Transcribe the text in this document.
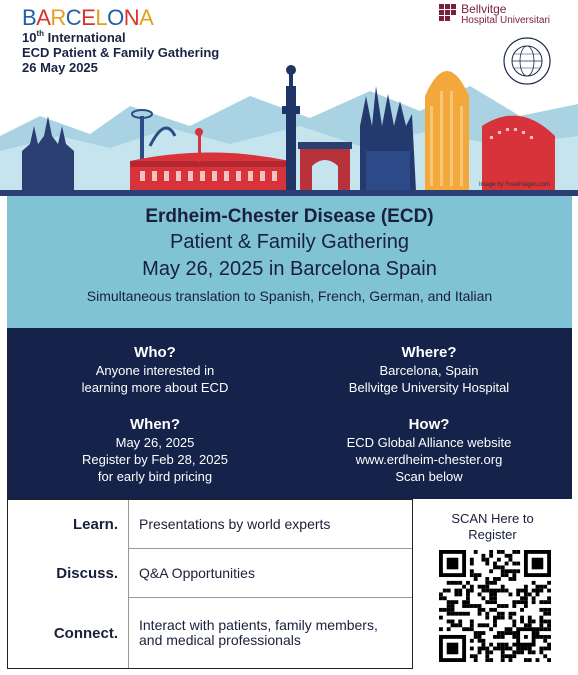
BARCELONA
10th International
ECD Patient & Family Gathering
26 May 2025
Bellvitge
Hospital Universitari
Image by Freeimages.com
Erdheim-Chester Disease (ECD)
Patient & Family Gathering
May 26, 2025 in Barcelona Spain
Simultaneous translation to Spanish, French, German, and Italian
Who?

Anyone interested in

learning more about ECD

Where?

Barcelona, Spain

Bellvitge University Hospital

When?

May 26, 2025

Register by Feb 28, 2025

for early bird pricing

How?

ECD Global Alliance website

www.erdheim-chester.org

Scan below

Learn.	Presentations by world experts
Discuss.	Q&A Opportunities
Connect.	Interact with patients, family members, and medical professionals
SCAN Here to
Register
